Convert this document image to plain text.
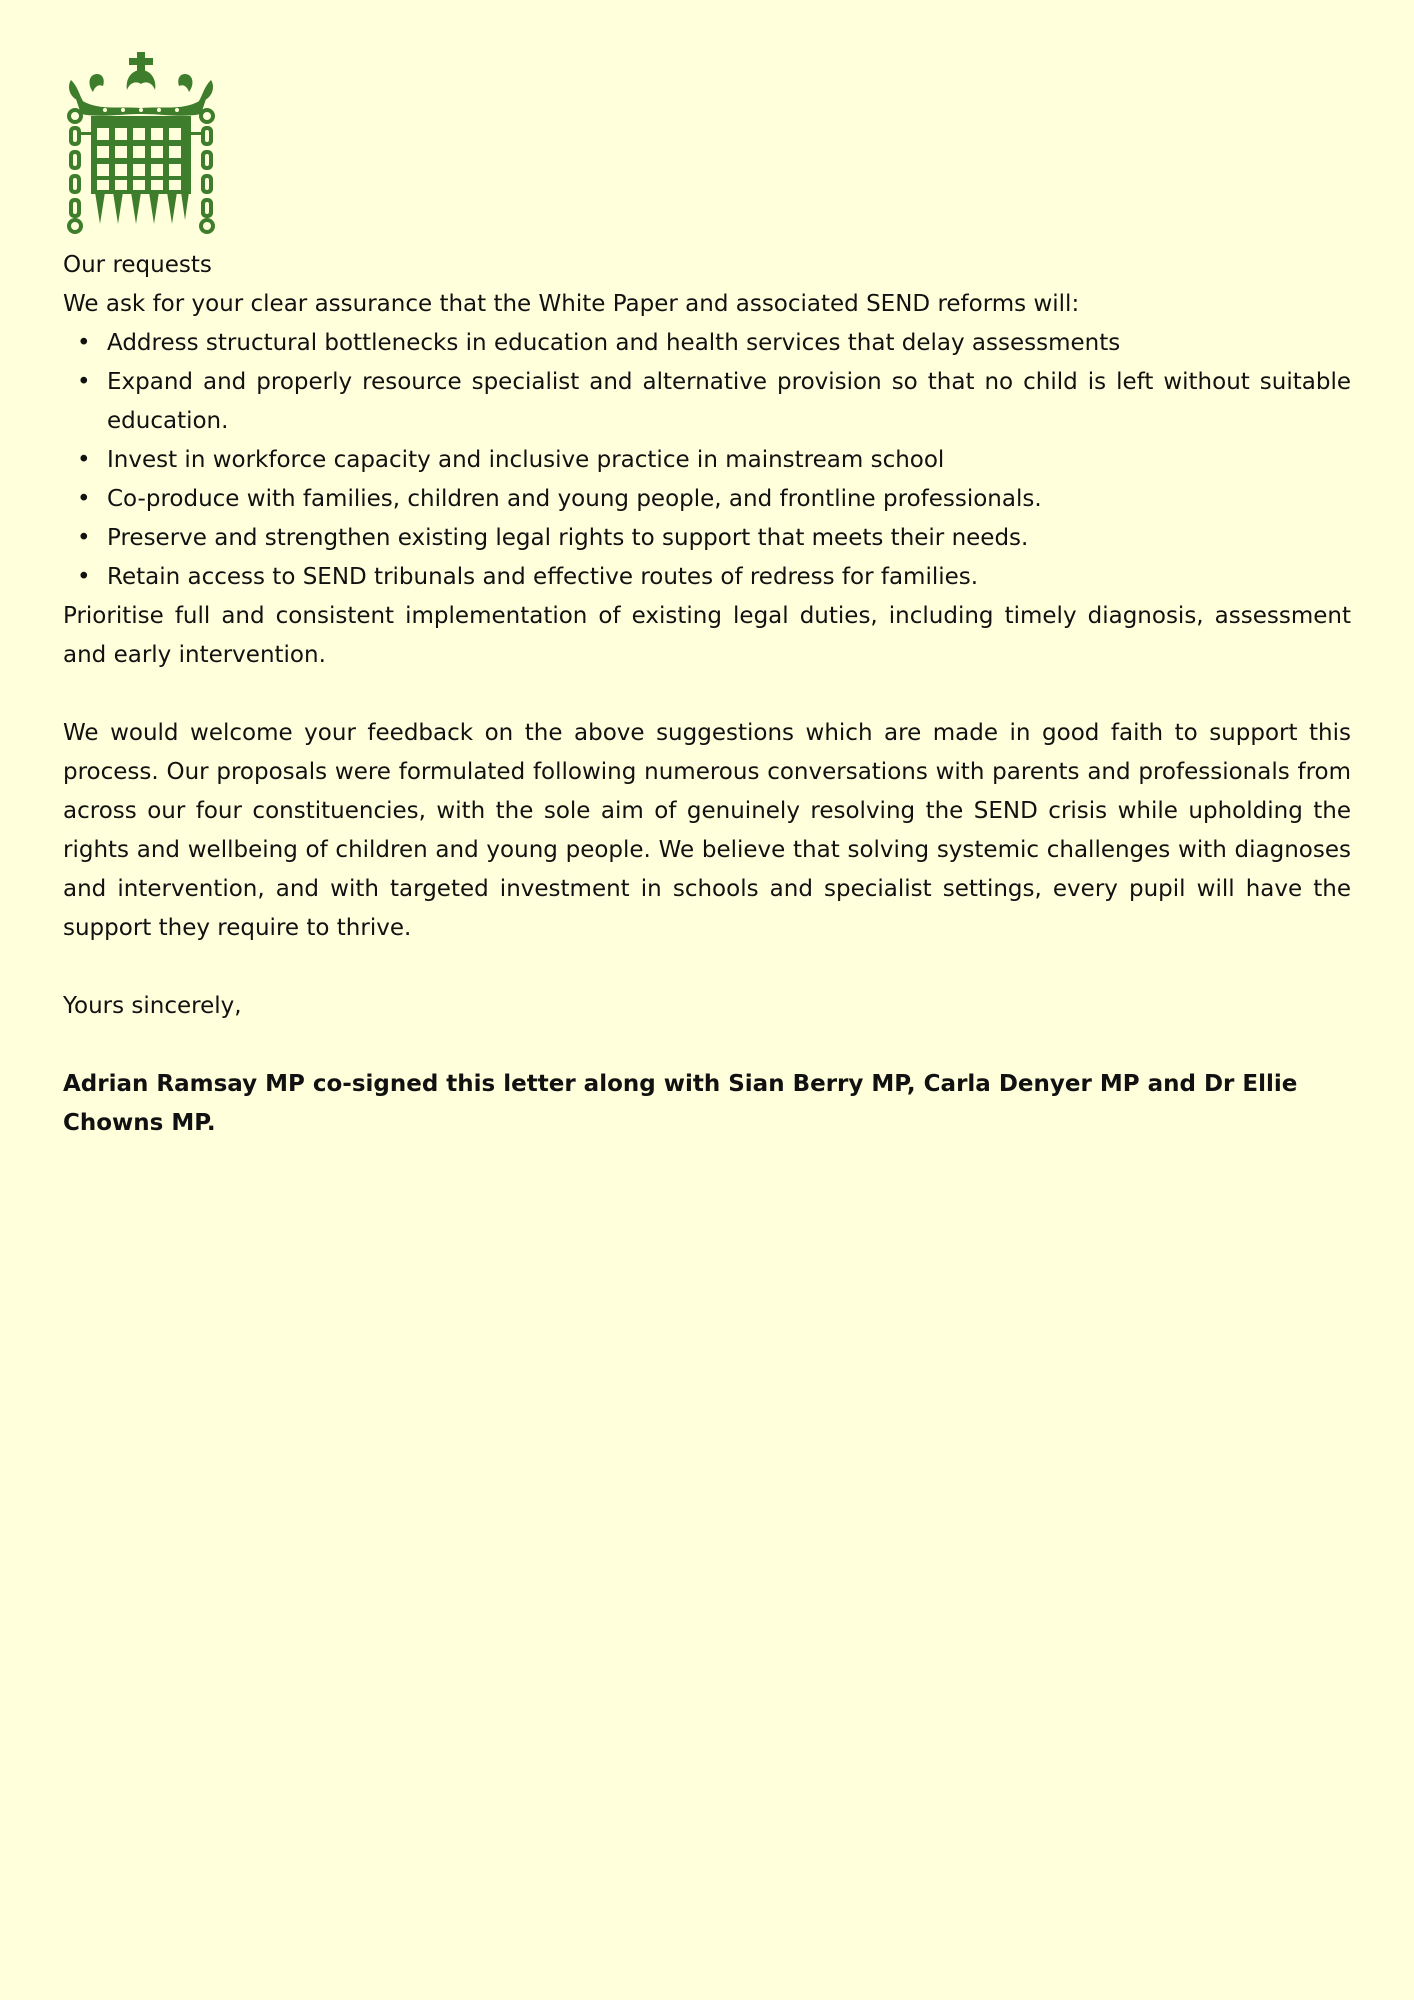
Our requests

We ask for your clear assurance that the White Paper and associated SEND reforms will:

• Address structural bottlenecks in education and health services that delay assessments
• Expand and properly resource specialist and alternative provision so that no child is left without suitable education.
• Invest in workforce capacity and inclusive practice in mainstream school
• Co-produce with families, children and young people, and frontline professionals.
• Preserve and strengthen existing legal rights to support that meets their needs.
• Retain access to SEND tribunals and effective routes of redress for families.

Prioritise full and consistent implementation of existing legal duties, including timely diagnosis, assessment and early intervention.

We would welcome your feedback on the above suggestions which are made in good faith to support this process. Our proposals were formulated following numerous conversations with parents and professionals from across our four constituencies, with the sole aim of genuinely resolving the SEND crisis while upholding the rights and wellbeing of children and young people. We believe that solving systemic challenges with diagnoses and intervention, and with targeted investment in schools and specialist settings, every pupil will have the support they require to thrive.

Yours sincerely,

Adrian Ramsay MP co-signed this letter along with Sian Berry MP, Carla Denyer MP and Dr Ellie Chowns MP.
